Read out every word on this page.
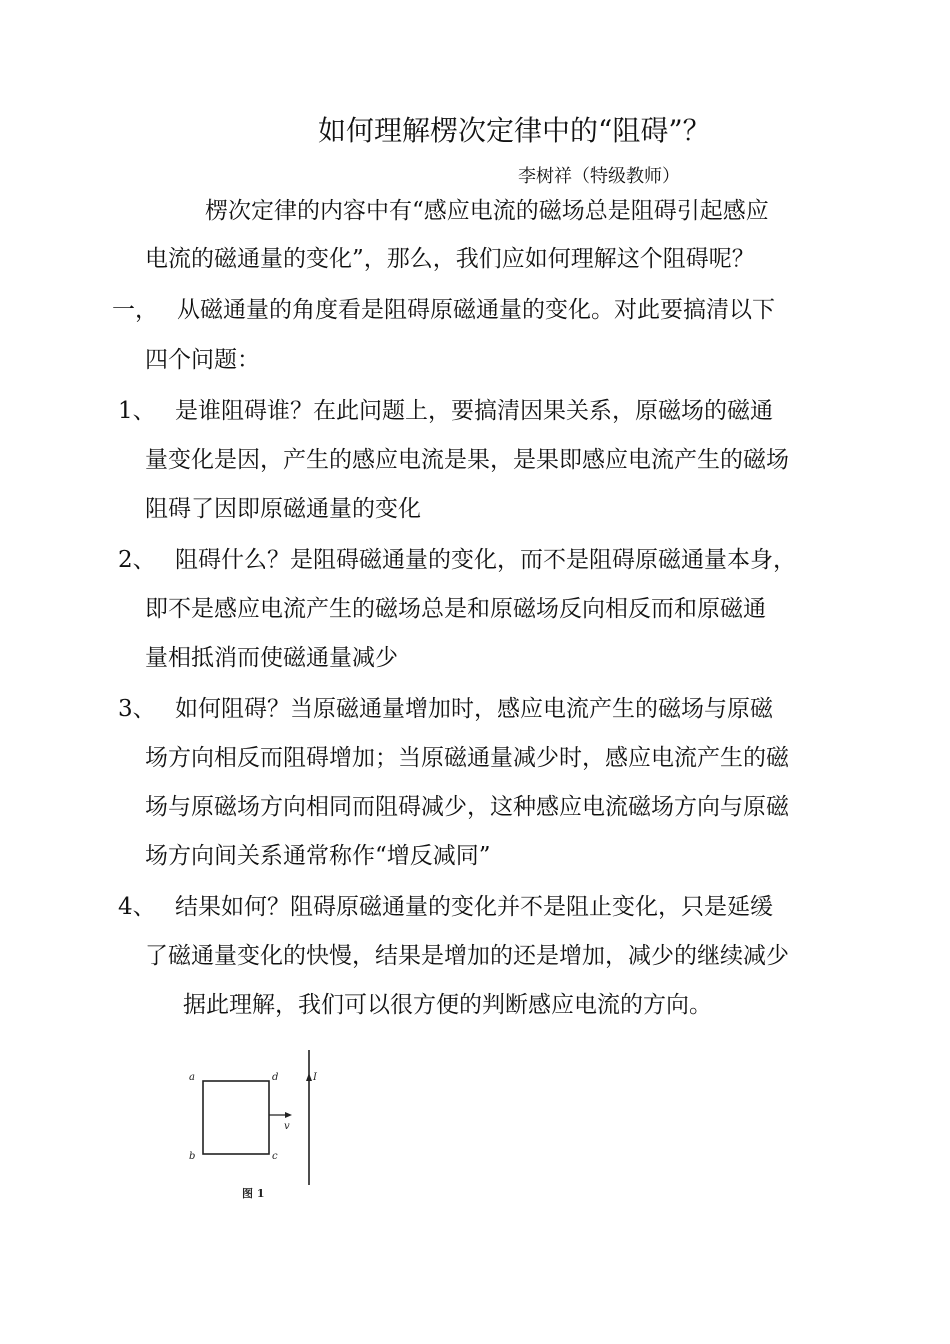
如何理解楞次定律中的“阻碍”？
李树祥（特级教师）
楞次定律的内容中有“感应电流的磁场总是阻碍引起感应
电流的磁通量的变化”，那么，我们应如何理解这个阻碍呢？
一， 从磁通量的角度看是阻碍原磁通量的变化。对此要搞清以下
四个问题：
1、 是谁阻碍谁？在此问题上，要搞清因果关系，原磁场的磁通
量变化是因，产生的感应电流是果，是果即感应电流产生的磁场
阻碍了因即原磁通量的变化
2、 阻碍什么？是阻碍磁通量的变化，而不是阻碍原磁通量本身，
即不是感应电流产生的磁场总是和原磁场反向相反而和原磁通
量相抵消而使磁通量减少
3、 如何阻碍？当原磁通量增加时，感应电流产生的磁场与原磁
场方向相反而阻碍增加；当原磁通量减少时，感应电流产生的磁
场与原磁场方向相同而阻碍减少，这种感应电流磁场方向与原磁
场方向间关系通常称作“增反减同”
4、 结果如何？阻碍原磁通量的变化并不是阻止变化，只是延缓
了磁通量变化的快慢，结果是增加的还是增加，减少的继续减少
据此理解，我们可以很方便的判断感应电流的方向。
a	d
b	c
I
v
图 1
